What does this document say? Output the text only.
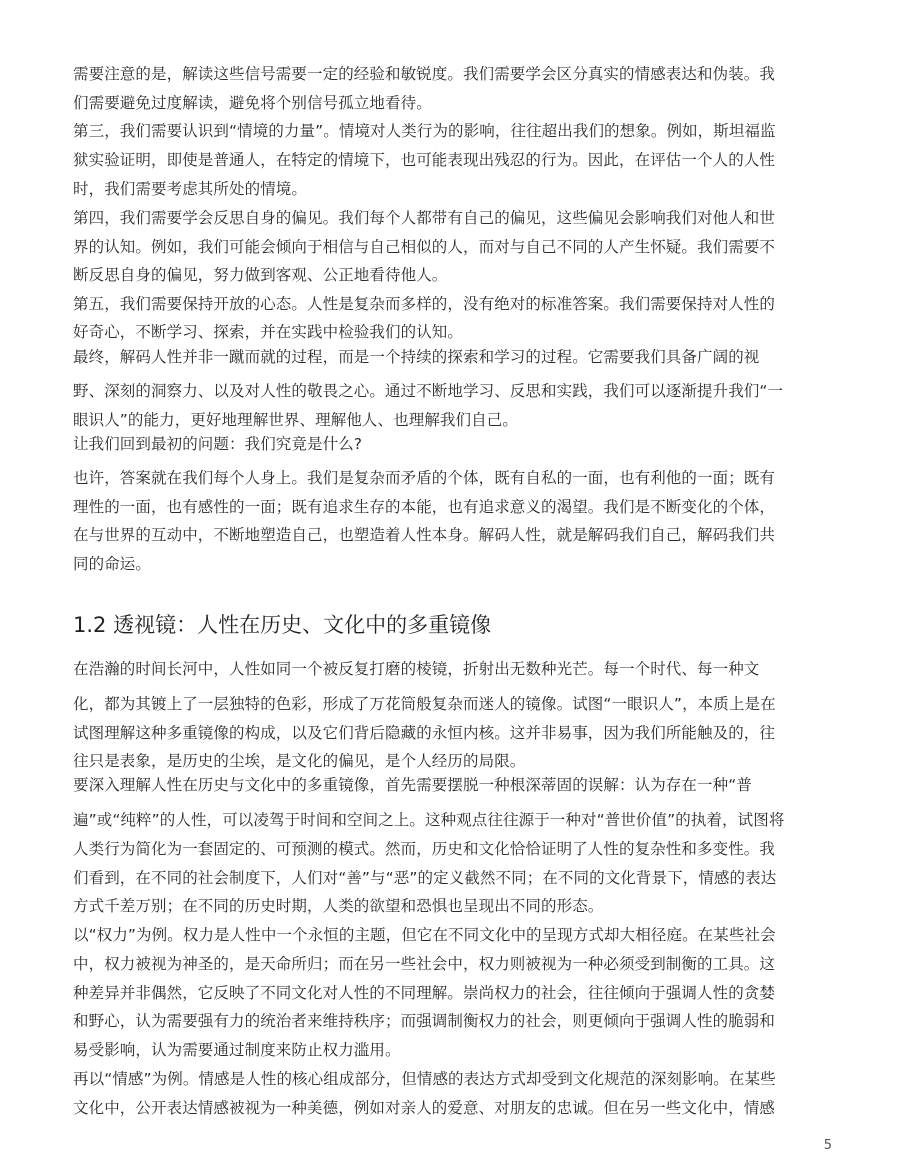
需要注意的是，解读这些信号需要一定的经验和敏锐度。我们需要学会区分真实的情感表达和伪装。我
们需要避免过度解读，避免将个别信号孤立地看待。
第三，我们需要认识到“情境的力量”。情境对人类行为的影响，往往超出我们的想象。例如，斯坦福监
狱实验证明，即使是普通人，在特定的情境下，也可能表现出残忍的行为。因此，在评估一个人的人性
时，我们需要考虑其所处的情境。
第四，我们需要学会反思自身的偏见。我们每个人都带有自己的偏见，这些偏见会影响我们对他人和世
界的认知。例如，我们可能会倾向于相信与自己相似的人，而对与自己不同的人产生怀疑。我们需要不
断反思自身的偏见，努力做到客观、公正地看待他人。
第五，我们需要保持开放的心态。人性是复杂而多样的，没有绝对的标准答案。我们需要保持对人性的
好奇心，不断学习、探索，并在实践中检验我们的认知。
最终，解码人性并非一蹴而就的过程，而是一个持续的探索和学习的过程。它需要我们具备广阔的视
野、深刻的洞察力、以及对人性的敬畏之心。通过不断地学习、反思和实践，我们可以逐渐提升我们“一
眼识人”的能力，更好地理解世界、理解他人、也理解我们自己。
让我们回到最初的问题：我们究竟是什么?
也许，答案就在我们每个人身上。我们是复杂而矛盾的个体，既有自私的一面，也有利他的一面；既有
理性的一面，也有感性的一面；既有追求生存的本能，也有追求意义的渴望。我们是不断变化的个体，
在与世界的互动中，不断地塑造自己，也塑造着人性本身。解码人性，就是解码我们自己，解码我们共
同的命运。
1.2 透视镜：人性在历史、文化中的多重镜像
在浩瀚的时间长河中，人性如同一个被反复打磨的棱镜，折射出无数种光芒。每一个时代、每一种文
化，都为其镀上了一层独特的色彩，形成了万花筒般复杂而迷人的镜像。试图“一眼识人”，本质上是在
试图理解这种多重镜像的构成，以及它们背后隐藏的永恒内核。这并非易事，因为我们所能触及的，往
往只是表象，是历史的尘埃，是文化的偏见，是个人经历的局限。
要深入理解人性在历史与文化中的多重镜像，首先需要摆脱一种根深蒂固的误解：认为存在一种“普
遍”或“纯粹”的人性，可以凌驾于时间和空间之上。这种观点往往源于一种对“普世价值”的执着，试图将
人类行为简化为一套固定的、可预测的模式。然而，历史和文化恰恰证明了人性的复杂性和多变性。我
们看到，在不同的社会制度下，人们对“善”与“恶”的定义截然不同；在不同的文化背景下，情感的表达
方式千差万别；在不同的历史时期，人类的欲望和恐惧也呈现出不同的形态。
以“权力”为例。权力是人性中一个永恒的主题，但它在不同文化中的呈现方式却大相径庭。在某些社会
中，权力被视为神圣的，是天命所归；而在另一些社会中，权力则被视为一种必须受到制衡的工具。这
种差异并非偶然，它反映了不同文化对人性的不同理解。崇尚权力的社会，往往倾向于强调人性的贪婪
和野心，认为需要强有力的统治者来维持秩序；而强调制衡权力的社会，则更倾向于强调人性的脆弱和
易受影响，认为需要通过制度来防止权力滥用。
再以“情感”为例。情感是人性的核心组成部分，但情感的表达方式却受到文化规范的深刻影响。在某些
文化中，公开表达情感被视为一种美德，例如对亲人的爱意、对朋友的忠诚。但在另一些文化中，情感
5
